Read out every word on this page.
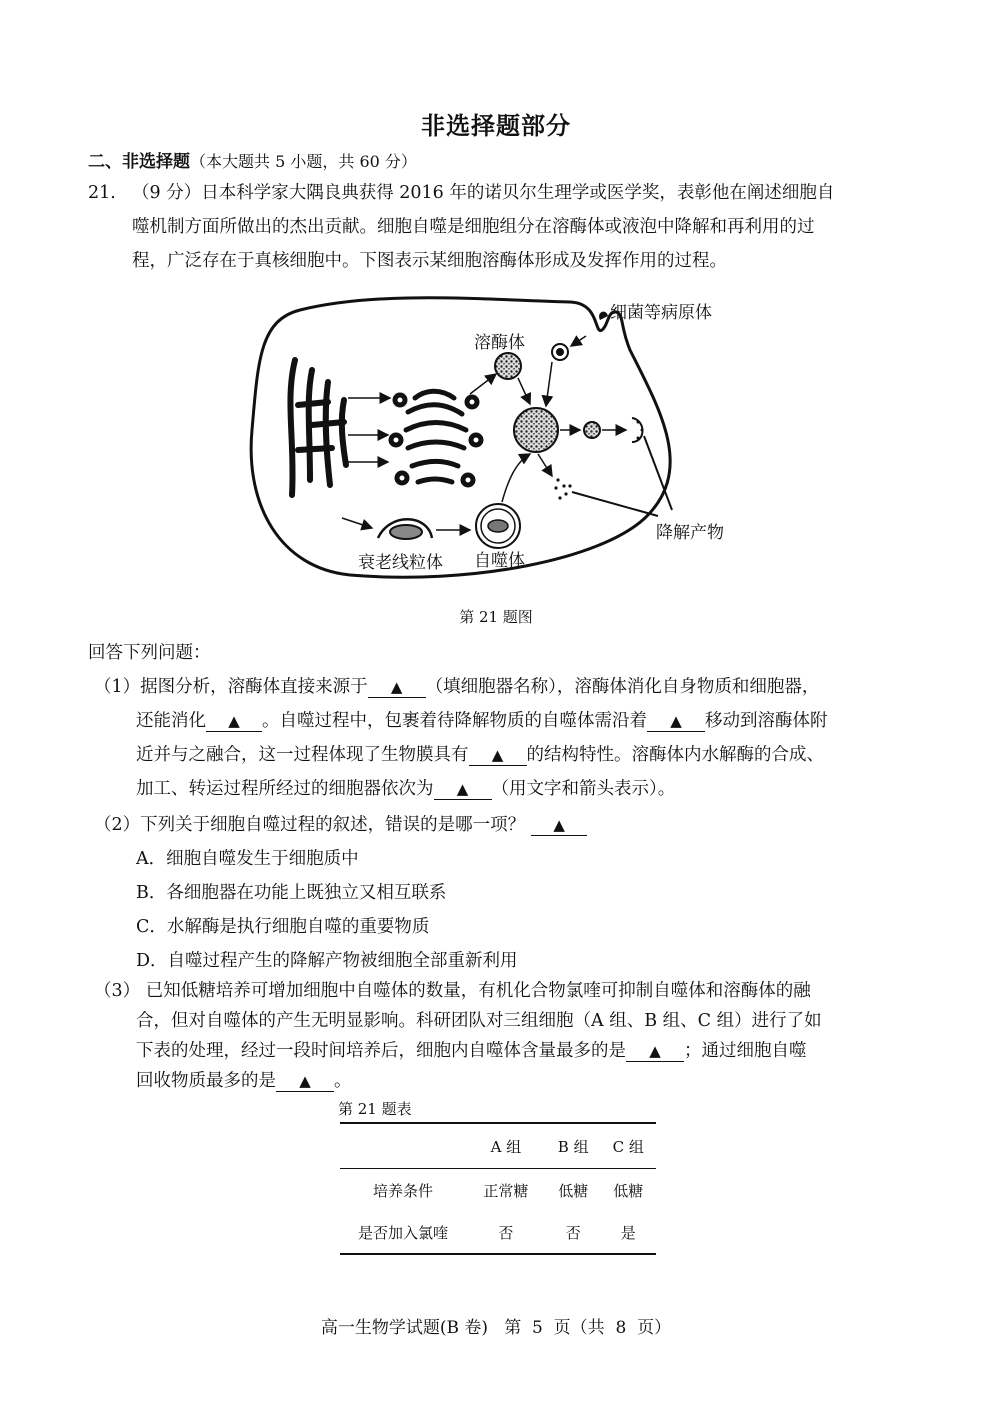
非选择题部分
二、非选择题（本大题共 5 小题，共 60 分）
21. （9 分）日本科学家大隅良典获得 2016 年的诺贝尔生理学或医学奖，表彰他在阐述细胞自
噬机制方面所做出的杰出贡献。细胞自噬是细胞组分在溶酶体或液泡中降解和再利用的过
程，广泛存在于真核细胞中。下图表示某细胞溶酶体形成及发挥作用的过程。
细菌等病原体
溶酶体
降解产物
衰老线粒体 自噬体
第 21 题图
回答下列问题：
（1）据图分析，溶酶体直接来源于 ▲ （填细胞器名称），溶酶体消化自身物质和细胞器，
还能消化 ▲ 。自噬过程中，包裹着待降解物质的自噬体需沿着 ▲ 移动到溶酶体附
近并与之融合，这一过程体现了生物膜具有 ▲ 的结构特性。溶酶体内水解酶的合成、
加工、转运过程所经过的细胞器依次为 ▲ （用文字和箭头表示）。
（2）下列关于细胞自噬过程的叙述，错误的是哪一项？ ▲
A．细胞自噬发生于细胞质中
B．各细胞器在功能上既独立又相互联系
C．水解酶是执行细胞自噬的重要物质
D．自噬过程产生的降解产物被细胞全部重新利用
（3） 已知低糖培养可增加细胞中自噬体的数量，有机化合物氯喹可抑制自噬体和溶酶体的融
合，但对自噬体的产生无明显影响。科研团队对三组细胞（A 组、B 组、C 组）进行了如
下表的处理，经过一段时间培养后，细胞内自噬体含量最多的是 ▲ ；通过细胞自噬
回收物质最多的是 ▲ 。
第 21 题表
	A 组	B 组	C 组
培养条件	正常糖	低糖	低糖
是否加入氯喹	否	否	是
高一生物学试题(B 卷)   第  5  页（共  8  页）
